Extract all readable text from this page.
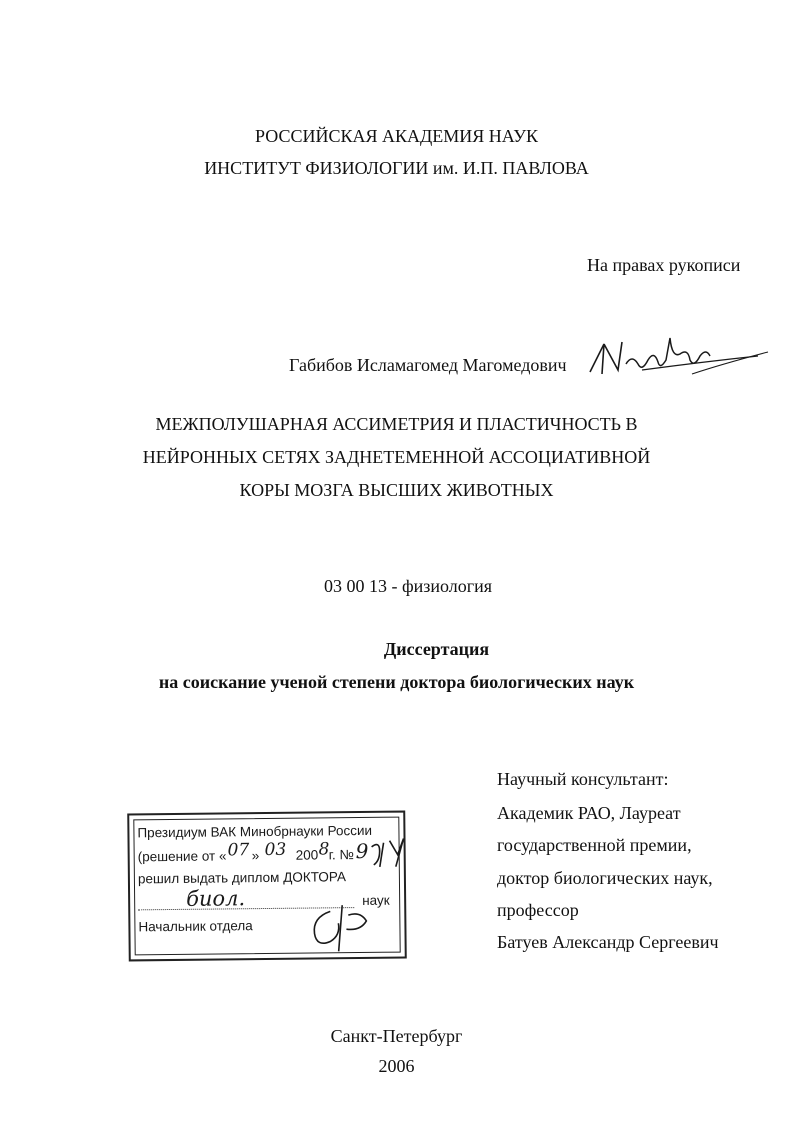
РОССИЙСКАЯ АКАДЕМИЯ НАУК
ИНСТИТУТ ФИЗИОЛОГИИ им. И.П. ПАВЛОВА
На правах рукописи
Габибов Исламагомед Магомедович
МЕЖПОЛУШАРНАЯ АССИМЕТРИЯ И ПЛАСТИЧНОСТЬ В
НЕЙРОННЫХ СЕТЯХ ЗАДНЕТЕМЕННОЙ АССОЦИАТИВНОЙ
КОРЫ МОЗГА ВЫСШИХ ЖИВОТНЫХ
03 00 13 - физиология
Диссертация
на соискание ученой степени доктора биологических наук
Научный консультант:
Академик РАО, Лауреат
государственной премии,
доктор биологических наук,
профессор
Батуев Александр Сергеевич
Президиум ВАК Минобрнауки России
(решение от « 07 » 03 200 8 г. № 9
решил выдать диплом ДОКТОРА
биол.	наук
Начальник отдела
Санкт-Петербург
2006
